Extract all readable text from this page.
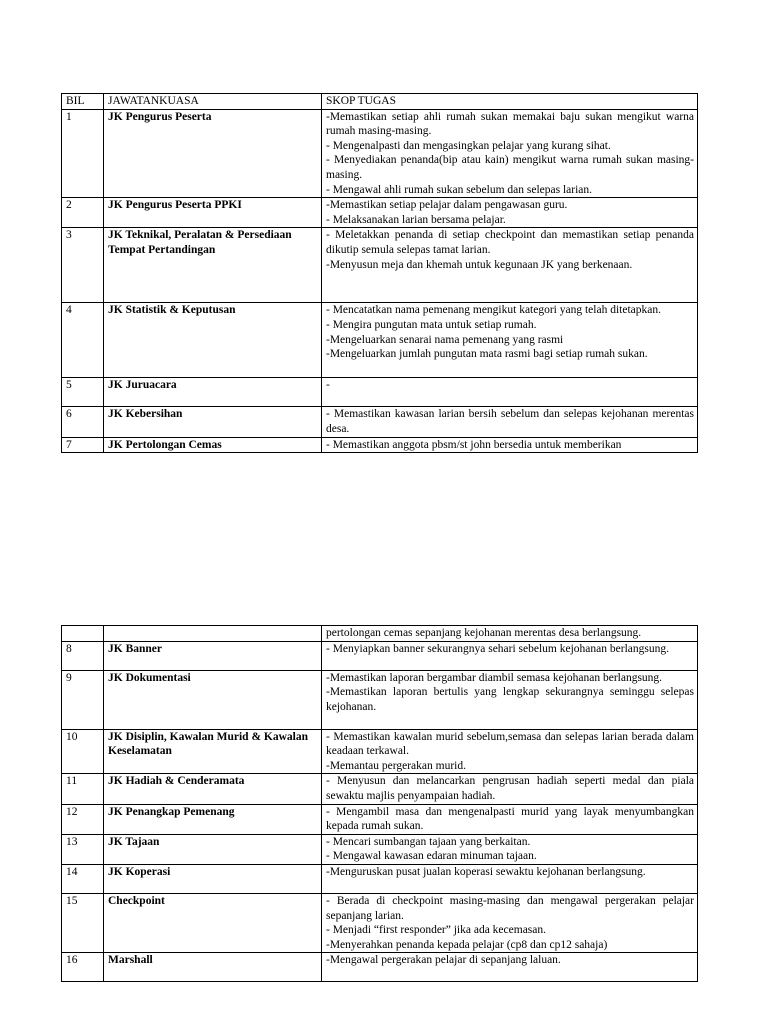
BIL	JAWATANKUASA	SKOP TUGAS
1	JK Pengurus Peserta	-Memastikan setiap ahli rumah sukan memakai baju sukan mengikut warna rumah masing-masing.
- Mengenalpasti dan mengasingkan pelajar yang kurang sihat.
- Menyediakan penanda(bip atau kain) mengikut warna rumah sukan masing-masing.
- Mengawal ahli rumah sukan sebelum dan selepas larian.

2	JK Pengurus Peserta PPKI	-Memastikan setiap pelajar dalam pengawasan guru.
- Melaksanakan larian bersama pelajar.

3	JK Teknikal, Peralatan & Persediaan Tempat Pertandingan	- Meletakkan penanda di setiap checkpoint dan memastikan setiap penanda dikutip semula selepas tamat larian.
-Menyusun meja dan khemah untuk kegunaan JK yang berkenaan.

4	JK Statistik & Keputusan	- Mencatatkan nama pemenang mengikut kategori yang telah ditetapkan.
- Mengira pungutan mata untuk setiap rumah.
-Mengeluarkan senarai nama pemenang yang rasmi
-Mengeluarkan jumlah pungutan mata rasmi bagi setiap rumah sukan.

5	JK Juruacara	-

6	JK Kebersihan	- Memastikan kawasan larian bersih sebelum dan selepas kejohanan merentas desa.

7	JK Pertolongan Cemas	- Memastikan anggota pbsm/st john bersedia untuk memberikan

		pertolongan cemas sepanjang kejohanan merentas desa berlangsung.

8	JK Banner	- Menyiapkan banner sekurangnya sehari sebelum kejohanan berlangsung.

9	JK Dokumentasi	-Memastikan laporan bergambar diambil semasa kejohanan berlangsung.
-Memastikan laporan bertulis yang lengkap sekurangnya seminggu selepas kejohanan.

10	JK Disiplin, Kawalan Murid & Kawalan Keselamatan	- Memastikan kawalan murid sebelum,semasa dan selepas larian berada dalam keadaan terkawal.
-Memantau pergerakan murid.

11	JK Hadiah & Cenderamata	- Menyusun dan melancarkan pengrusan hadiah seperti medal dan piala sewaktu majlis penyampaian hadiah.

12	JK Penangkap Pemenang	- Mengambil masa dan mengenalpasti murid yang layak menyumbangkan kepada rumah sukan.

13	JK Tajaan	- Mencari sumbangan tajaan yang berkaitan.
- Mengawal kawasan edaran minuman tajaan.

14	JK Koperasi	-Menguruskan pusat jualan koperasi sewaktu kejohanan berlangsung.

15	Checkpoint	- Berada di checkpoint masing-masing dan mengawal pergerakan pelajar sepanjang larian.
- Menjadi “first responder” jika ada kecemasan.
-Menyerahkan penanda kepada pelajar (cp8 dan cp12 sahaja)

16	Marshall	-Mengawal pergerakan pelajar di sepanjang laluan.
